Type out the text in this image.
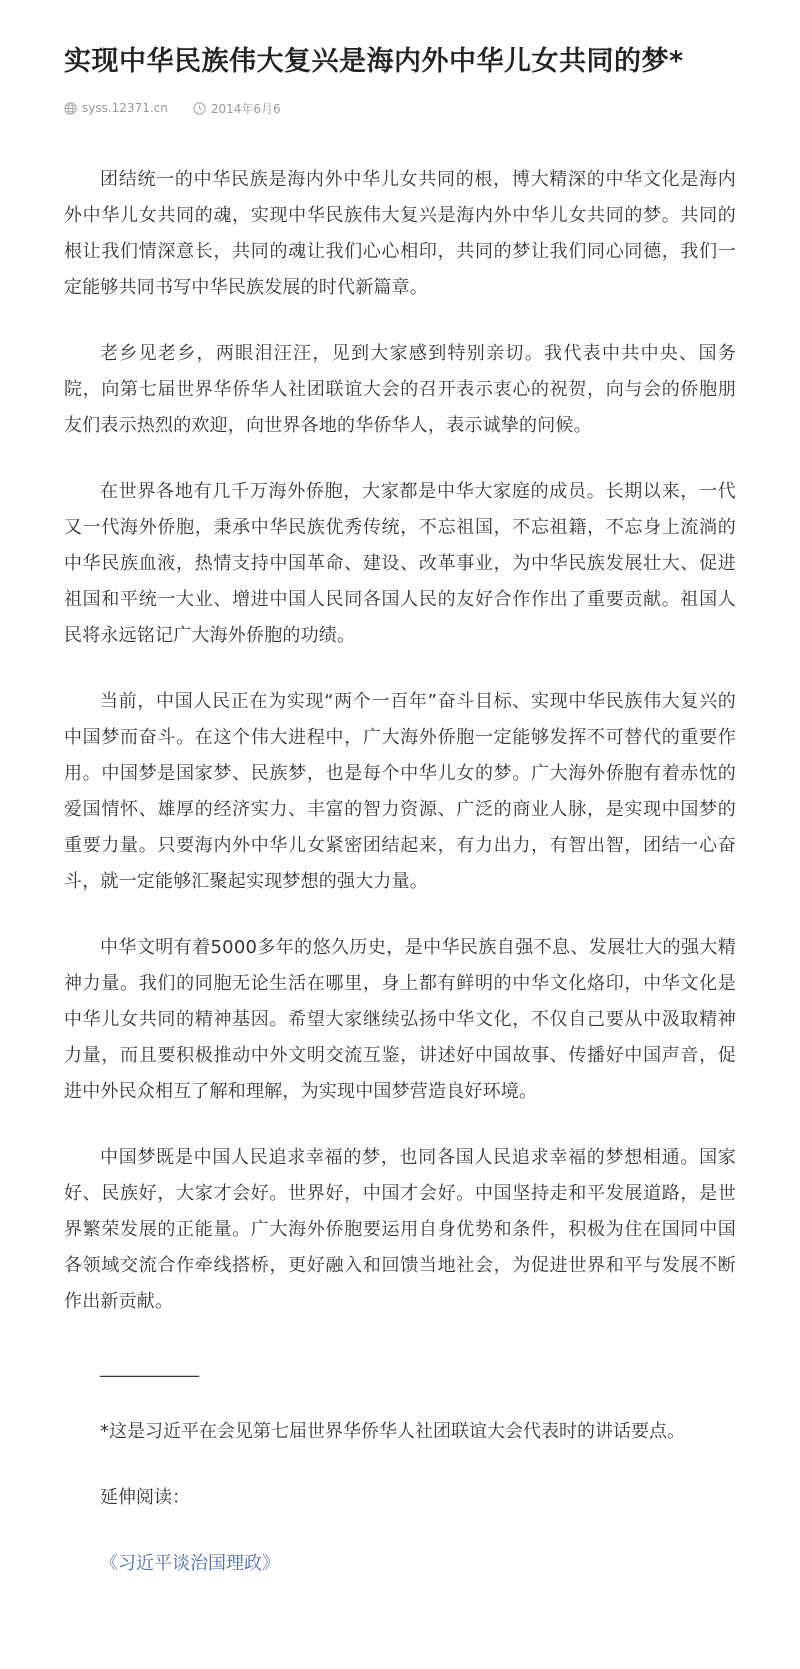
实现中华民族伟大复兴是海内外中华儿女共同的梦*
syss.12371.cn	2014年6月6

团结统一的中华民族是海内外中华儿女共同的根，博大精深的中华文化是海内外中华儿女共同的魂，实现中华民族伟大复兴是海内外中华儿女共同的梦。共同的根让我们情深意长，共同的魂让我们心心相印，共同的梦让我们同心同德，我们一定能够共同书写中华民族发展的时代新篇章。

老乡见老乡，两眼泪汪汪，见到大家感到特别亲切。我代表中共中央、国务院，向第七届世界华侨华人社团联谊大会的召开表示衷心的祝贺，向与会的侨胞朋友们表示热烈的欢迎，向世界各地的华侨华人，表示诚挚的问候。

在世界各地有几千万海外侨胞，大家都是中华大家庭的成员。长期以来，一代又一代海外侨胞，秉承中华民族优秀传统，不忘祖国，不忘祖籍，不忘身上流淌的中华民族血液，热情支持中国革命、建设、改革事业，为中华民族发展壮大、促进祖国和平统一大业、增进中国人民同各国人民的友好合作作出了重要贡献。祖国人民将永远铭记广大海外侨胞的功绩。

当前，中国人民正在为实现“两个一百年”奋斗目标、实现中华民族伟大复兴的中国梦而奋斗。在这个伟大进程中，广大海外侨胞一定能够发挥不可替代的重要作用。中国梦是国家梦、民族梦，也是每个中华儿女的梦。广大海外侨胞有着赤忱的爱国情怀、雄厚的经济实力、丰富的智力资源、广泛的商业人脉，是实现中国梦的重要力量。只要海内外中华儿女紧密团结起来，有力出力，有智出智，团结一心奋斗，就一定能够汇聚起实现梦想的强大力量。

中华文明有着5000多年的悠久历史，是中华民族自强不息、发展壮大的强大精神力量。我们的同胞无论生活在哪里，身上都有鲜明的中华文化烙印，中华文化是中华儿女共同的精神基因。希望大家继续弘扬中华文化，不仅自己要从中汲取精神力量，而且要积极推动中外文明交流互鉴，讲述好中国故事、传播好中国声音，促进中外民众相互了解和理解，为实现中国梦营造良好环境。

中国梦既是中国人民追求幸福的梦，也同各国人民追求幸福的梦想相通。国家好、民族好，大家才会好。世界好，中国才会好。中国坚持走和平发展道路，是世界繁荣发展的正能量。广大海外侨胞要运用自身优势和条件，积极为住在国同中国各领域交流合作牵线搭桥，更好融入和回馈当地社会，为促进世界和平与发展不断作出新贡献。

___________

*这是习近平在会见第七届世界华侨华人社团联谊大会代表时的讲话要点。

延伸阅读：

《习近平谈治国理政》
